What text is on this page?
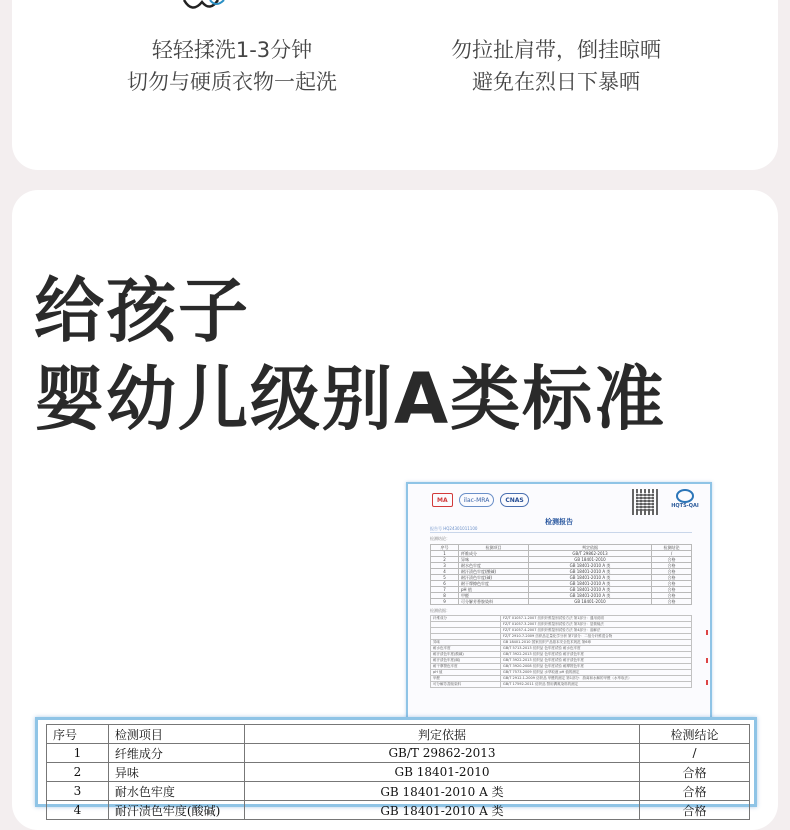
轻轻揉洗1-3分钟
切勿与硬质衣物一起洗
勿拉扯肩带，倒挂晾晒
避免在烈日下暴晒
给孩子
婴幼儿级别A类标准
MA	ilac-MRA	CNAS
HQTS-QAI
检测报告
报告号 HQ24301011100
检测结论：
序号	检测项目	判定依据	检测结论
1	纤维成分	GB/T 29862-2013	/
2	异味	GB 18401-2010	合格
3	耐水色牢度	GB 18401-2010 A 类	合格
4	耐汗渍色牢度(酸碱)	GB 18401-2010 A 类	合格
5	耐汗渍色牢度(碱)	GB 18401-2010 A 类	合格
6	耐干摩擦色牢度	GB 18401-2010 A 类	合格
7	pH 值	GB 18401-2010 A 类	合格
8	甲醛	GB 18401-2010 A 类	合格
9	可分解芳香胺染料	GB 18401-2010	合格
检测依据：
纤维成分	FZ/T 01057.1-2007 纺织纤维鉴别试验方法 第1部分：通用说明
	FZ/T 01057.3-2007 纺织纤维鉴别试验方法 第3部分：显微镜法
	FZ/T 01057.4-2007 纺织纤维鉴别试验方法 第4部分：溶解法
	FZ/T 2910.7-2009 纺织品定量化学分析 第7部分：二组分纤维混合物
异味	GB 18401-2010 国家纺织产品基本安全技术规范 第6章
耐水色牢度	GB/T 5713-2013 纺织品 色牢度试验 耐水色牢度
耐汗渍色牢度(酸碱)	GB/T 3922-2013 纺织品 色牢度试验 耐汗渍色牢度
耐汗渍色牢度(碱)	GB/T 3922-2013 纺织品 色牢度试验 耐汗渍色牢度
耐干摩擦色牢度	GB/T 3920-2008 纺织品 色牢度试验 耐摩擦色牢度
pH 值	GB/T 7573-2009 纺织品 水萃取液 pH 值的测定
甲醛	GB/T 2912.1-2009 纺织品 甲醛的测定 第1部分：游离和水解的甲醛（水萃取法）
可分解芳香胺染料	GB/T 17592-2011 纺织品 禁用偶氮染料的测定
序号	检测项目	判定依据	检测结论
1	纤维成分	GB/T 29862-2013	/
2	异味	GB 18401-2010	合格
3	耐水色牢度	GB 18401-2010 A 类	合格
4	耐汗渍色牢度(酸碱)	GB 18401-2010 A 类	合格
